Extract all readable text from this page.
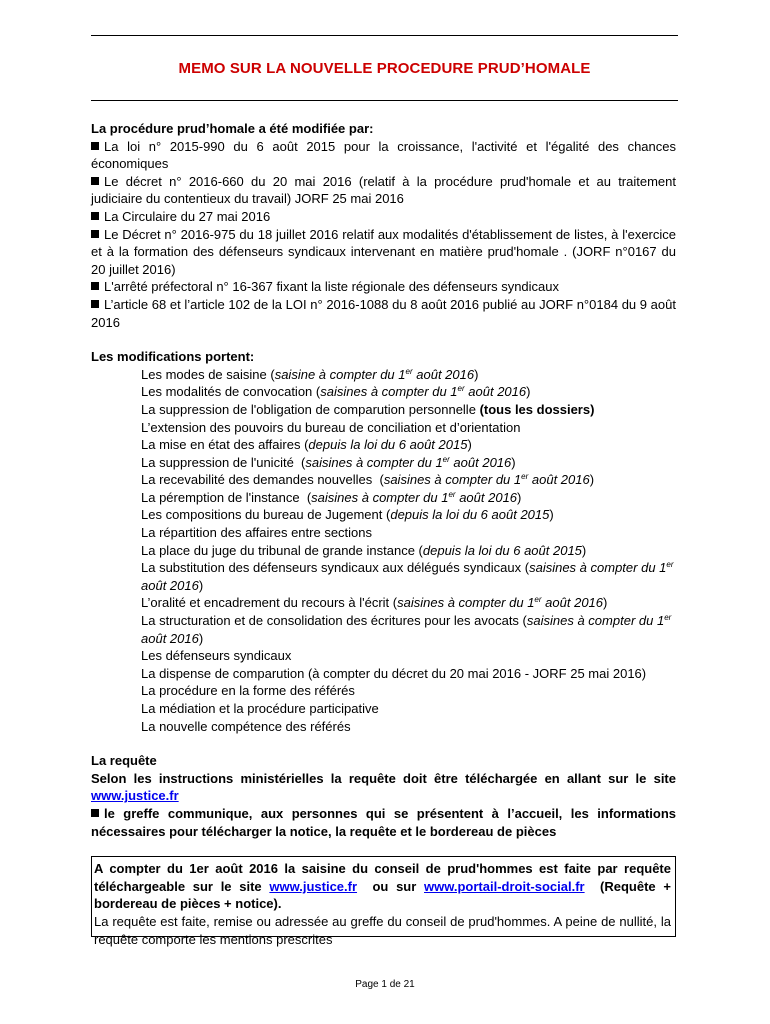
MEMO SUR LA NOUVELLE PROCEDURE PRUD’HOMALE

La procédure prud’homale a été modifiée par:

La loi n° 2015-990 du 6 août 2015 pour la croissance, l'activité et l'égalité des chances économiques

Le décret n° 2016-660 du 20 mai 2016 (relatif à la procédure prud'homale et au traitement judiciaire du contentieux du travail) JORF 25 mai 2016

La Circulaire du 27 mai 2016

Le Décret n° 2016-975 du 18 juillet 2016 relatif aux modalités d'établissement de listes, à l'exercice et à la formation des défenseurs syndicaux intervenant en matière prud'homale . (JORF n°0167 du 20 juillet 2016)

L'arrêté préfectoral n° 16-367 fixant la liste régionale des défenseurs syndicaux

L’article 68 et l’article 102 de la LOI n° 2016-1088 du 8 août 2016 publié au JORF n°0184 du 9 août 2016

Les modifications portent:

Les modes de saisine (saisine à compter du 1er août 2016)

Les modalités de convocation (saisines à compter du 1er août 2016)

La suppression de l'obligation de comparution personnelle (tous les dossiers)

L’extension des pouvoirs du bureau de conciliation et d’orientation

La mise en état des affaires (depuis la loi du 6 août 2015)

La suppression de l'unicité  (saisines à compter du 1er août 2016)

La recevabilité des demandes nouvelles  (saisines à compter du 1er août 2016)

La péremption de l'instance  (saisines à compter du 1er août 2016)

Les compositions du bureau de Jugement (depuis la loi du 6 août 2015)

La répartition des affaires entre sections

La place du juge du tribunal de grande instance (depuis la loi du 6 août 2015)

La substitution des défenseurs syndicaux aux délégués syndicaux (saisines à compter du 1er août 2016)

L’oralité et encadrement du recours à l'écrit (saisines à compter du 1er août 2016)

La structuration et de consolidation des écritures pour les avocats (saisines à compter du 1er août 2016)

Les défenseurs syndicaux

La dispense de comparution (à compter du décret du 20 mai 2016 - JORF 25 mai 2016)

La procédure en la forme des référés

La médiation et la procédure participative

La nouvelle compétence des référés

La requête

Selon les instructions ministérielles la requête doit être téléchargée en allant sur le site www.justice.fr

le greffe communique, aux personnes qui se présentent à l’accueil, les informations nécessaires pour télécharger la notice, la requête et le bordereau de pièces

A compter du 1er août 2016 la saisine du conseil de prud'hommes est faite par requête téléchargeable sur le site www.justice.fr ou sur www.portail-droit-social.fr (Requête + bordereau de pièces + notice).

La requête est faite, remise ou adressée au greffe du conseil de prud'hommes. A peine de nullité, la requête comporte les mentions prescrites

Page 1 de 21
